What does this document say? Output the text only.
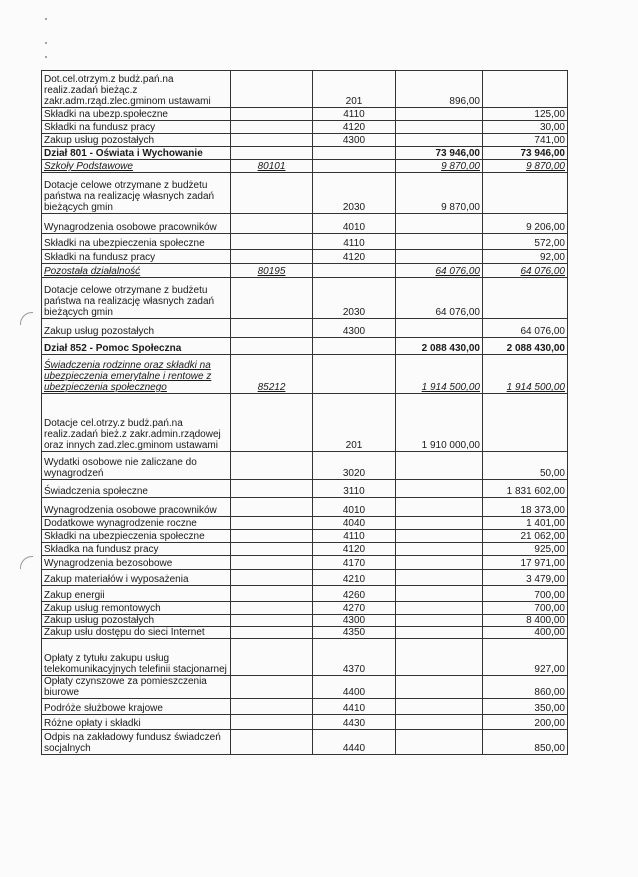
Dot.cel.otrzym.z budż.pań.na realiz.zadań bieżąc.z zakr.adm.rząd.zlec.gminom ustawami		201	896,00	
Składki na ubezp.społeczne		4110		125,00
Składki na fundusz pracy		4120		30,00
Zakup usług pozostałych		4300		741,00
Dział 801 - Oświata i Wychowanie			73 946,00	73 946,00
Szkoły Podstawowe	80101		9 870,00	9 870,00
Dotacje celowe otrzymane z budżetu państwa na realizację własnych zadań bieżących gmin		2030	9 870,00	
Wynagrodzenia osobowe pracowników		4010		9 206,00
Składki na ubezpieczenia społeczne		4110		572,00
Składki na fundusz pracy		4120		92,00
Pozostała działalność	80195		64 076,00	64 076,00
Dotacje celowe otrzymane z budżetu państwa na realizację własnych zadań bieżących gmin		2030	64 076,00	
Zakup usług pozostałych		4300		64 076,00
Dział 852 - Pomoc Społeczna			2 088 430,00	2 088 430,00
Świadczenia rodzinne oraz składki na ubezpieczenia emerytalne i rentowe z ubezpieczenia społecznego	85212		1 914 500,00	1 914 500,00
Dotacje cel.otrzy.z budż.pań.na realiz.zadań bież.z zakr.admin.rządowej oraz innych zad.zlec.gminom ustawami		201	1 910 000,00	
Wydatki osobowe nie zaliczane do wynagrodzeń		3020		50,00
Świadczenia społeczne		3110		1 831 602,00
Wynagrodzenia osobowe pracowników		4010		18 373,00
Dodatkowe wynagrodzenie roczne		4040		1 401,00
Składki na ubezpieczenia społeczne		4110		21 062,00
Składka na fundusz pracy		4120		925,00
Wynagrodzenia bezosobowe		4170		17 971,00
Zakup materiałów i wyposażenia		4210		3 479,00
Zakup energii		4260		700,00
Zakup usług remontowych		4270		700,00
Zakup usług pozostałych		4300		8 400,00
Zakup usłu dostępu do sieci Internet		4350		400,00
Opłaty z tytułu zakupu usług telekomunikacyjnych telefinii stacjonarnej		4370		927,00
Opłaty czynszowe za pomieszczenia biurowe		4400		860,00
Podróże służbowe krajowe		4410		350,00
Różne opłaty i składki		4430		200,00
Odpis na zakładowy fundusz świadczeń socjalnych		4440		850,00
